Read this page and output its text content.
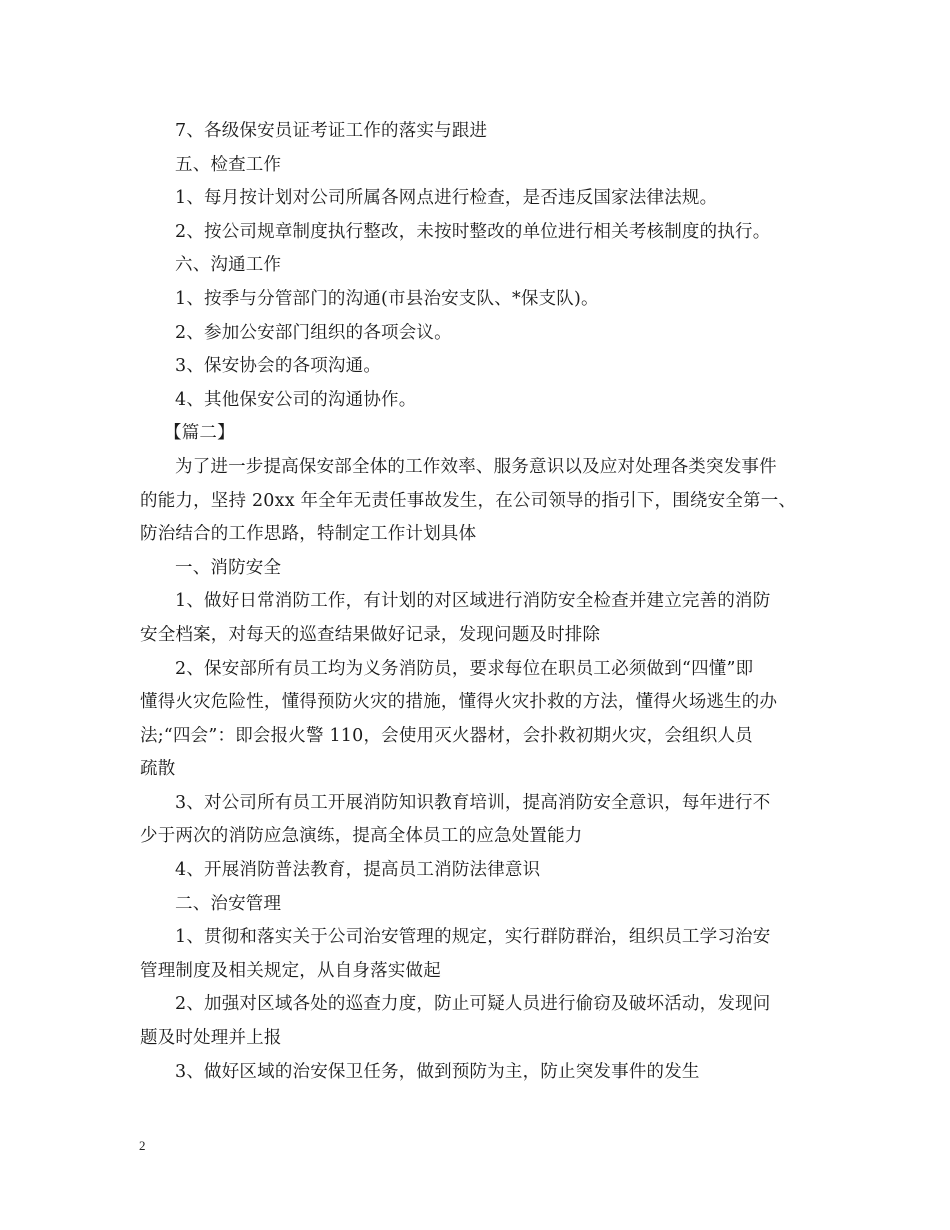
7、各级保安员证考证工作的落实与跟进
五、检查工作
1、每月按计划对公司所属各网点进行检查，是否违反国家法律法规。
2、按公司规章制度执行整改，未按时整改的单位进行相关考核制度的执行。
六、沟通工作
1、按季与分管部门的沟通(市县治安支队、*保支队)。
2、参加公安部门组织的各项会议。
3、保安协会的各项沟通。
4、其他保安公司的沟通协作。
【篇二】
为了进一步提高保安部全体的工作效率、服务意识以及应对处理各类突发事件
的能力，坚持 20xx 年全年无责任事故发生，在公司领导的指引下，围绕安全第一、
防治结合的工作思路，特制定工作计划具体
一、消防安全
1、做好日常消防工作，有计划的对区域进行消防安全检查并建立完善的消防
安全档案，对每天的巡查结果做好记录，发现问题及时排除
2、保安部所有员工均为义务消防员，要求每位在职员工必须做到“四懂”即
懂得火灾危险性，懂得预防火灾的措施，懂得火灾扑救的方法，懂得火场逃生的办
法;“四会”：即会报火警 110，会使用灭火器材，会扑救初期火灾，会组织人员
疏散
3、对公司所有员工开展消防知识教育培训，提高消防安全意识，每年进行不
少于两次的消防应急演练，提高全体员工的应急处置能力
4、开展消防普法教育，提高员工消防法律意识
二、治安管理
1、贯彻和落实关于公司治安管理的规定，实行群防群治，组织员工学习治安
管理制度及相关规定，从自身落实做起
2、加强对区域各处的巡查力度，防止可疑人员进行偷窃及破坏活动，发现问
题及时处理并上报
3、做好区域的治安保卫任务，做到预防为主，防止突发事件的发生
2
